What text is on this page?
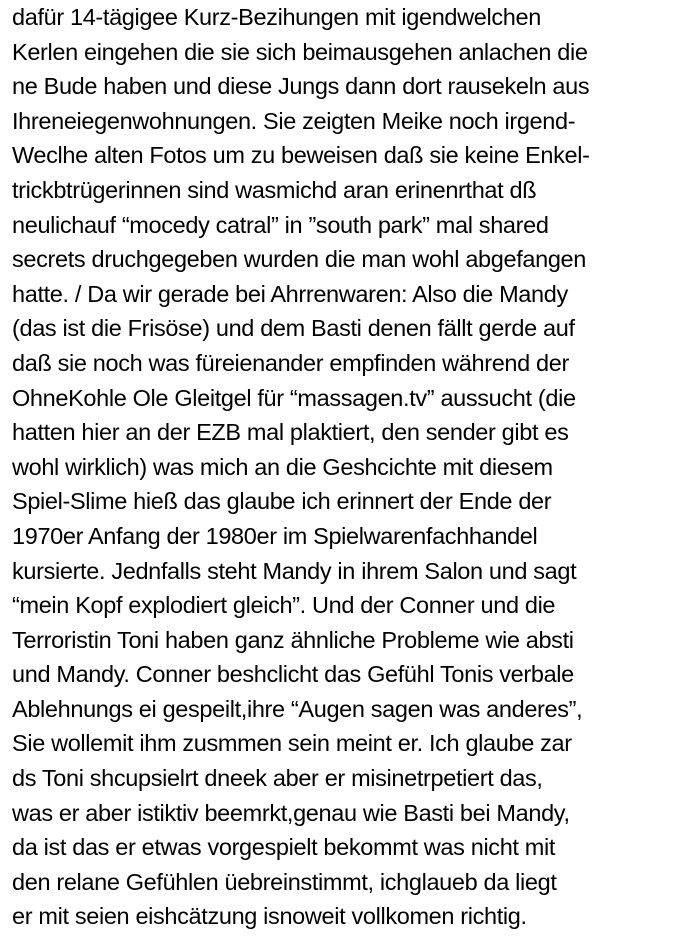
dafür 14-tägigee Kurz-Bezihungen mit igendwelchen
Kerlen eingehen die sie sich beimausgehen anlachen die
ne Bude haben und diese Jungs dann dort rausekeln aus
Ihreneiegenwohnungen. Sie zeigten Meike noch irgend-
Weclhe alten Fotos um zu beweisen daß sie keine Enkel-
trickbtrügerinnen sind wasmichd aran erinenrthat dß
neulichauf “mocedy catral” in ”south park” mal shared
secrets druchgegeben wurden die man wohl abgefangen
hatte. / Da wir gerade bei Ahrrenwaren: Also die Mandy
(das ist die Frisöse) und dem Basti denen fällt gerde auf
daß sie noch was füreienander empfinden während der
OhneKohle Ole Gleitgel für “massagen.tv” aussucht (die
hatten hier an der EZB mal plaktiert, den sender gibt es
wohl wirklich) was mich an die Geshcichte mit diesem
Spiel-Slime hieß das glaube ich erinnert der Ende der
1970er Anfang der 1980er im Spielwarenfachhandel
kursierte. Jednfalls steht Mandy in ihrem Salon und sagt
“mein Kopf explodiert gleich”. Und der Conner und die
Terroristin Toni haben ganz ähnliche Probleme wie absti
und Mandy. Conner beshclicht das Gefühl Tonis verbale
Ablehnungs ei gespeilt,ihre “Augen sagen was anderes”,
Sie wollemit ihm zusmmen sein meint er. Ich glaube zar
ds Toni shcupsielrt dneek aber er misinetrpetiert das,
was er aber istiktiv beemrkt,genau wie Basti bei Mandy,
da ist das er etwas vorgespielt bekommt was nicht mit
den relane Gefühlen üebreinstimmt, ichglaueb da liegt
er mit seien eishcätzung isnoweit vollkomen richtig.
